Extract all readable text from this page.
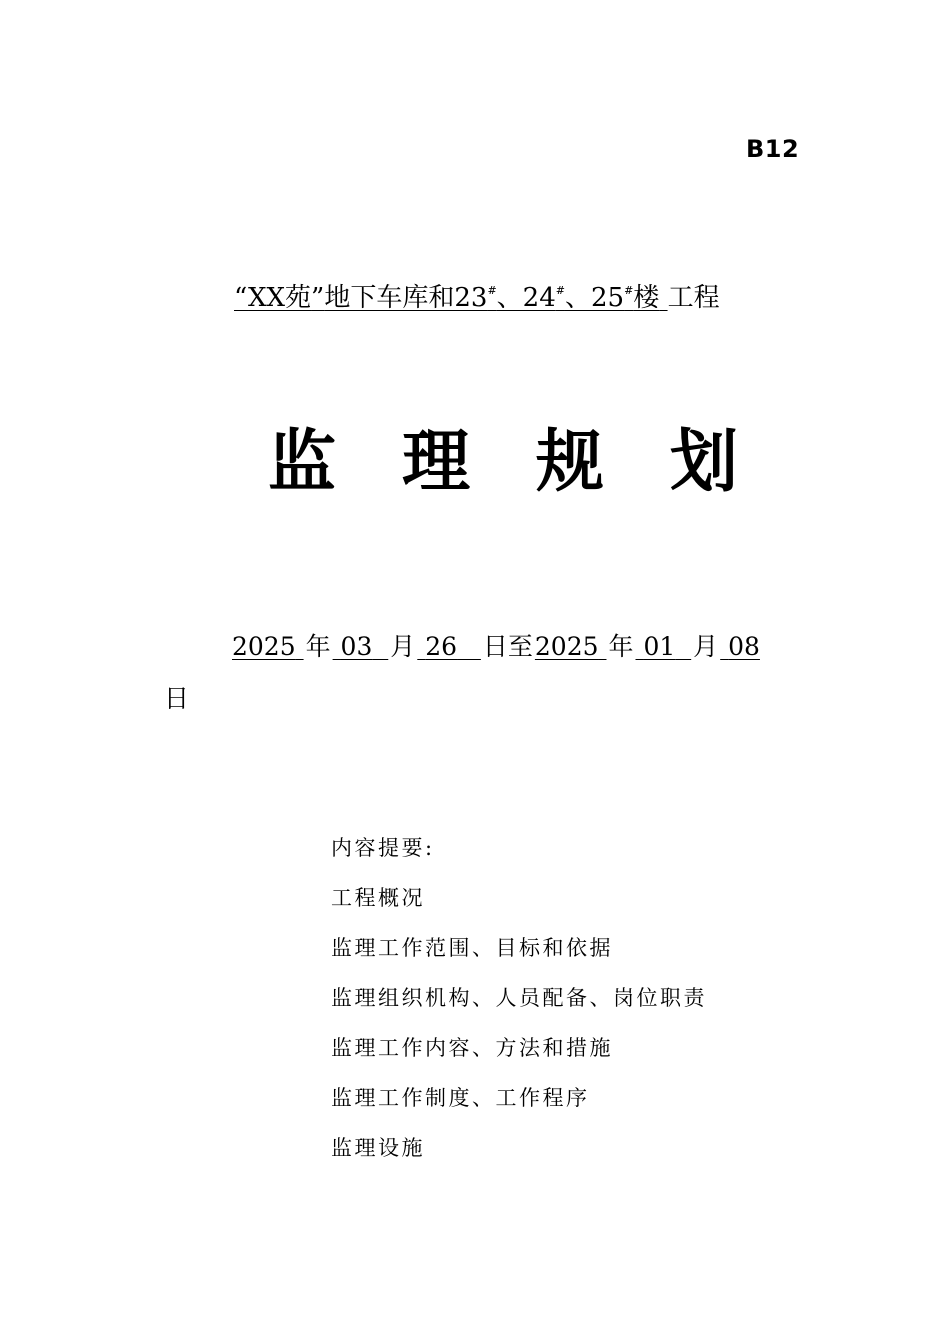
B12
“XX苑”地下车库和23#、24#、25#楼 工程
监 理 规 划
2025 年 03 月 26 日至2025 年 01 月 08
日
内容提要:
工程概况
监理工作范围、目标和依据
监理组织机构、人员配备、岗位职责
监理工作内容、方法和措施
监理工作制度、工作程序
监理设施
